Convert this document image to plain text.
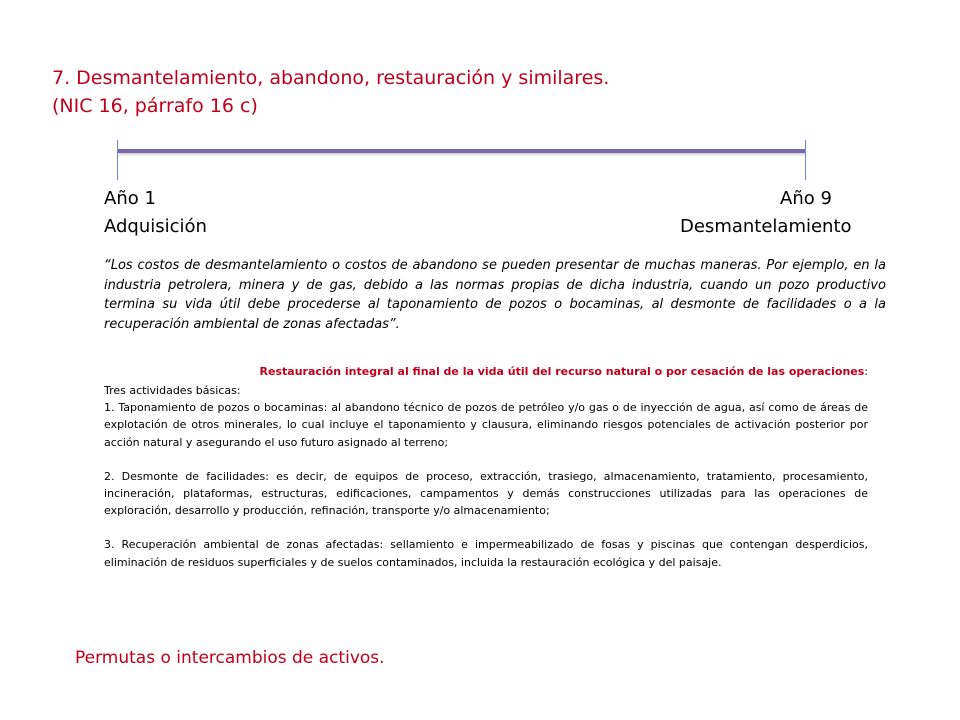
7. Desmantelamiento, abandono, restauración y similares.
(NIC 16, párrafo 16 c)
Año 1
Adquisición
Año 9
Desmantelamiento
“Los costos de desmantelamiento o costos de abandono se pueden presentar de muchas maneras. Por ejemplo, en la industria petrolera, minera y de gas, debido a las normas propias de dicha industria, cuando un pozo productivo termina su vida útil debe procederse al taponamiento de pozos o bocaminas, al desmonte de facilidades o a la recuperación ambiental de zonas afectadas”.
Restauración integral al final de la vida útil del recurso natural o por cesación de las operaciones:

Tres actividades básicas:

1. Taponamiento de pozos o bocaminas: al abandono técnico de pozos de petróleo y/o gas o de inyección de agua, así como de áreas de explotación de otros minerales, lo cual incluye el taponamiento y clausura, eliminando riesgos potenciales de activación posterior por acción natural y asegurando el uso futuro asignado al terreno;

2. Desmonte de facilidades: es decir, de equipos de proceso, extracción, trasiego, almacenamiento, tratamiento, procesamiento, incineración, plataformas, estructuras, edificaciones, campamentos y demás construcciones utilizadas para las operaciones de exploración, desarrollo y producción, refinación, transporte y/o almacenamiento;

3. Recuperación ambiental de zonas afectadas: sellamiento e impermeabilizado de fosas y piscinas que contengan desperdicios, eliminación de residuos superficiales y de suelos contaminados, incluida la restauración ecológica y del paisaje.

Permutas o intercambios de activos.
